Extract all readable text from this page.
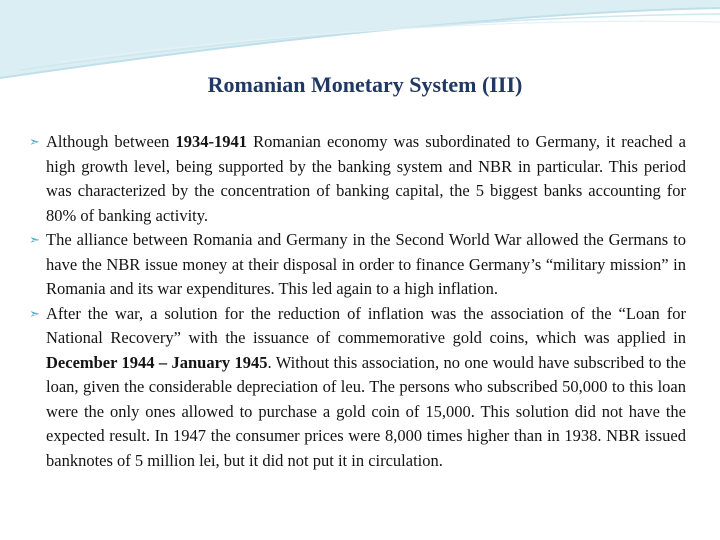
Romanian Monetary System (III)

➣ Although between 1934-1941 Romanian economy was subordinated to Germany, it reached a high growth level, being supported by the banking system and NBR in particular. This period was characterized by the concentration of banking capital, the 5 biggest banks accounting for 80% of banking activity.

➣ The alliance between Romania and Germany in the Second World War allowed the Germans to have the NBR issue money at their disposal in order to finance Germany’s “military mission” in Romania and its war expenditures. This led again to a high inflation.

➣ After the war, a solution for the reduction of inflation was the association of the “Loan for National Recovery” with the issuance of commemorative gold coins, which was applied in December 1944 – January 1945. Without this association, no one would have subscribed to the loan, given the considerable depreciation of leu. The persons who subscribed 50,000 to this loan were the only ones allowed to purchase a gold coin of 15,000. This solution did not have the expected result. In 1947 the consumer prices were 8,000 times higher than in 1938. NBR issued banknotes of 5 million lei, but it did not put it in circulation.
